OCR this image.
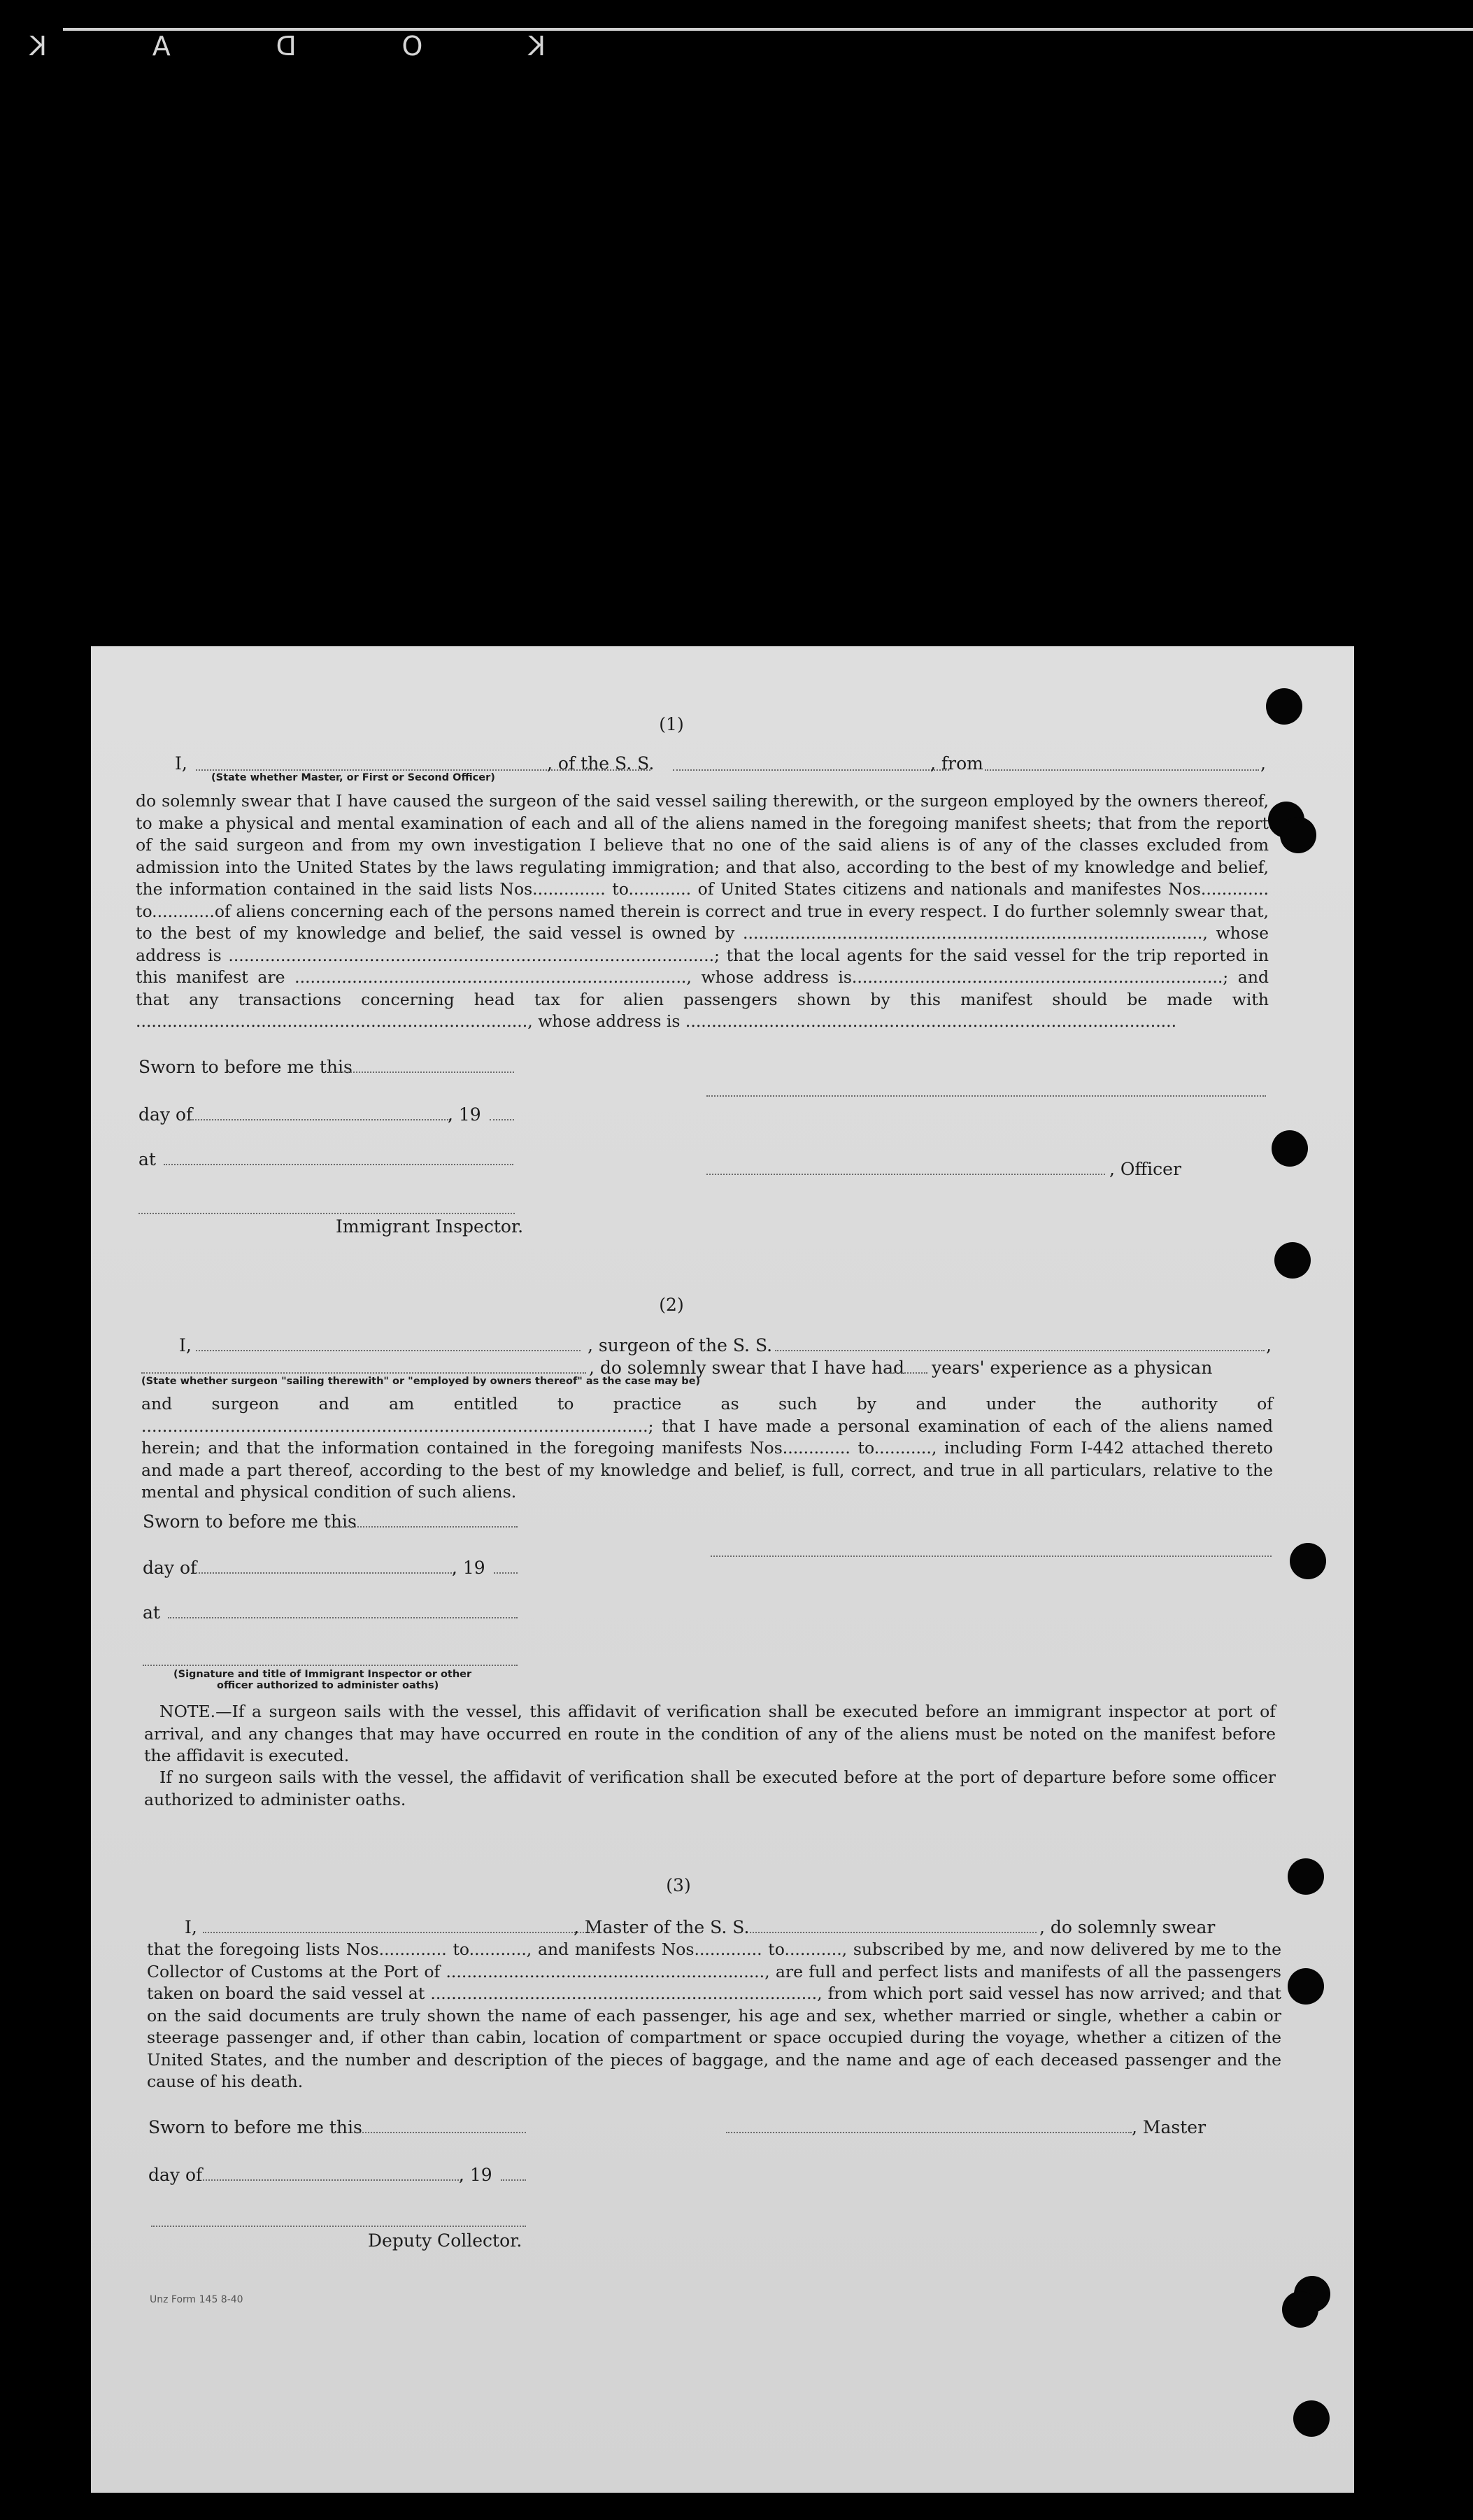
K
O
D
A
K
(1)
I,	, of the S. S.	, from	,
(State whether Master, or First or Second Officer)
do solemnly swear that I have caused the surgeon of the said vessel sailing therewith, or the surgeon employed by the owners thereof, to make a physical and mental examination of each and all of the aliens named in the foregoing manifest sheets; that from the report of the said surgeon and from my own investigation I believe that no one of the said aliens is of any of the classes excluded from admission into the United States by the laws regulating immigration; and that also, according to the best of my knowledge and belief, the information contained in the said lists Nos.............. to............ of United States citizens and nationals and manifestes Nos............. to............of aliens concerning each of the persons named therein is correct and true in every respect. I do further solemnly swear that, to the best of my knowledge and belief, the said vessel is owned by ........................................................................................, whose address is .............................................................................................; that the local agents for the said vessel for the trip reported in this manifest are ..........................................................................., whose address is.......................................................................; and that any transactions concerning head tax for alien passengers shown by this manifest should be made with ..........................................................................., whose address is ..............................................................................................
Sworn to before me this
day of	, 19
at	, Officer
Immigrant Inspector.
(2)
I,	, surgeon of the S. S.	,
, do solemnly swear that I have had years' experience as a physican
(State whether surgeon "sailing therewith" or "employed by owners thereof" as the case may be)
and surgeon and am entitled to practice as such by and under the authority of .................................................................................................; that I have made a personal examination of each of the aliens named herein; and that the information contained in the foregoing manifests Nos............. to..........., including Form I-442 attached thereto and made a part thereof, according to the best of my knowledge and belief, is full, correct, and true in all particulars, relative to the mental and physical condition of such aliens.
Sworn to before me this
day of	, 19
at
(Signature and title of Immigrant Inspector or other
officer authorized to administer oaths)
NOTE.—If a surgeon sails with the vessel, this affidavit of verification shall be executed before an immigrant inspector at port of arrival, and any changes that may have occurred en route in the condition of any of the aliens must be noted on the manifest before the affidavit is executed.
If no surgeon sails with the vessel, the affidavit of verification shall be executed before at the port of departure before some officer authorized to administer oaths.
(3)
I,	, Master of the S. S.	, do solemnly swear
that the foregoing lists Nos............. to..........., and manifests Nos............. to..........., subscribed by me, and now delivered by me to the Collector of Customs at the Port of ............................................................., are full and perfect lists and manifests of all the passengers taken on board the said vessel at .........................................................................., from which port said vessel has now arrived; and that on the said documents are truly shown the name of each passenger, his age and sex, whether married or single, whether a cabin or steerage passenger and, if other than cabin, location of compartment or space occupied during the voyage, whether a citizen of the United States, and the number and description of the pieces of baggage, and the name and age of each deceased passenger and the cause of his death.
Sworn to before me this	, Master
day of	, 19
Deputy Collector.
Unz Form 145 8-40
